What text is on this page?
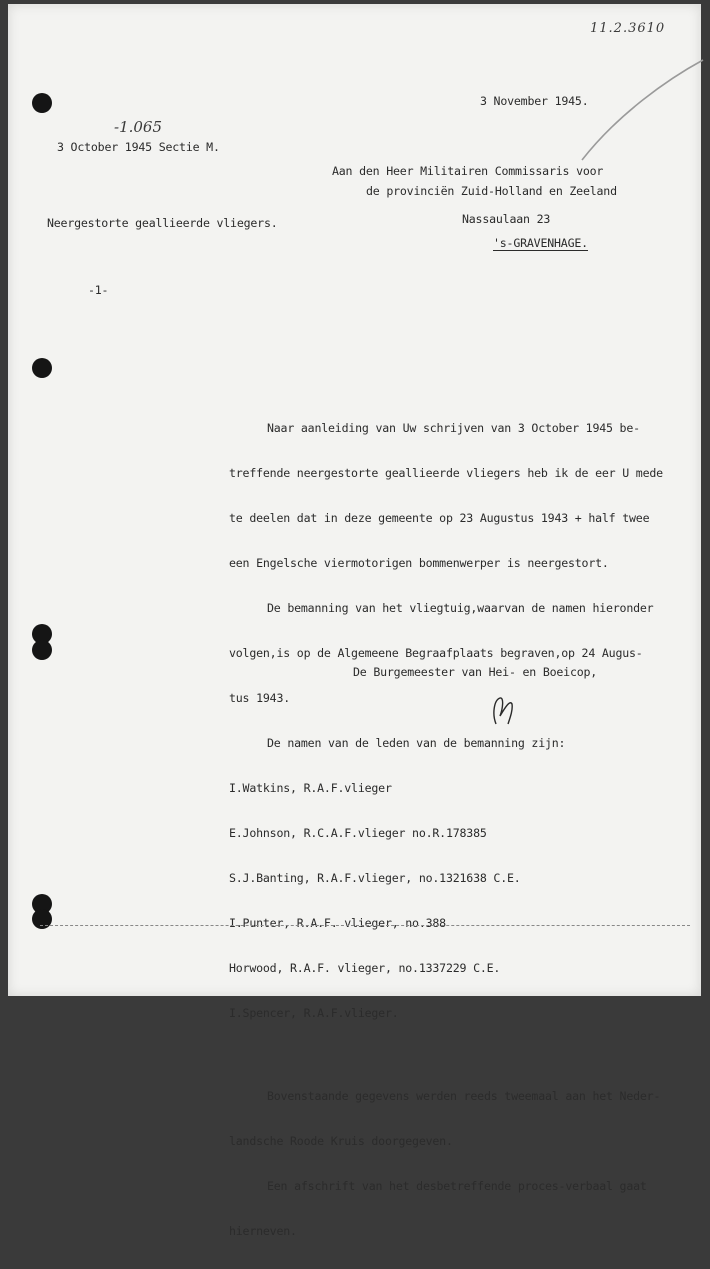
11.2.3610
3 November 1945.
-1.065
3 October 1945 Sectie M.
Aan den Heer Militairen Commissaris voor
de provinciën Zuid-Holland en Zeeland
Nassaulaan 23
's-GRAVENHAGE.
Neergestorte geallieerde vliegers.
-1-

Naar aanleiding van Uw schrijven van 3 October 1945 be-

treffende neergestorte geallieerde vliegers heb ik de eer U mede

te deelen dat in deze gemeente op 23 Augustus 1943 + half twee

een Engelsche viermotorigen bommenwerper is neergestort.

De bemanning van het vliegtuig,waarvan de namen hieronder

volgen,is op de Algemeene Begraafplaats begraven,op 24 Augus-

tus 1943.

De namen van de leden van de bemanning zijn:

I.Watkins, R.A.F.vlieger

E.Johnson, R.C.A.F.vlieger no.R.178385

S.J.Banting, R.A.F.vlieger, no.1321638 C.E.

I.Punter, R.A.F. vlieger, no.388

Horwood, R.A.F. vlieger, no.1337229 C.E.

I.Spencer, R.A.F.vlieger.

Bovenstaande gegevens werden reeds tweemaal aan het Neder-

landsche Roode Kruis doorgegeven.

Een afschrift van het desbetreffende proces-verbaal gaat

hierneven.

De Burgemeester van Hei- en Boeicop,
